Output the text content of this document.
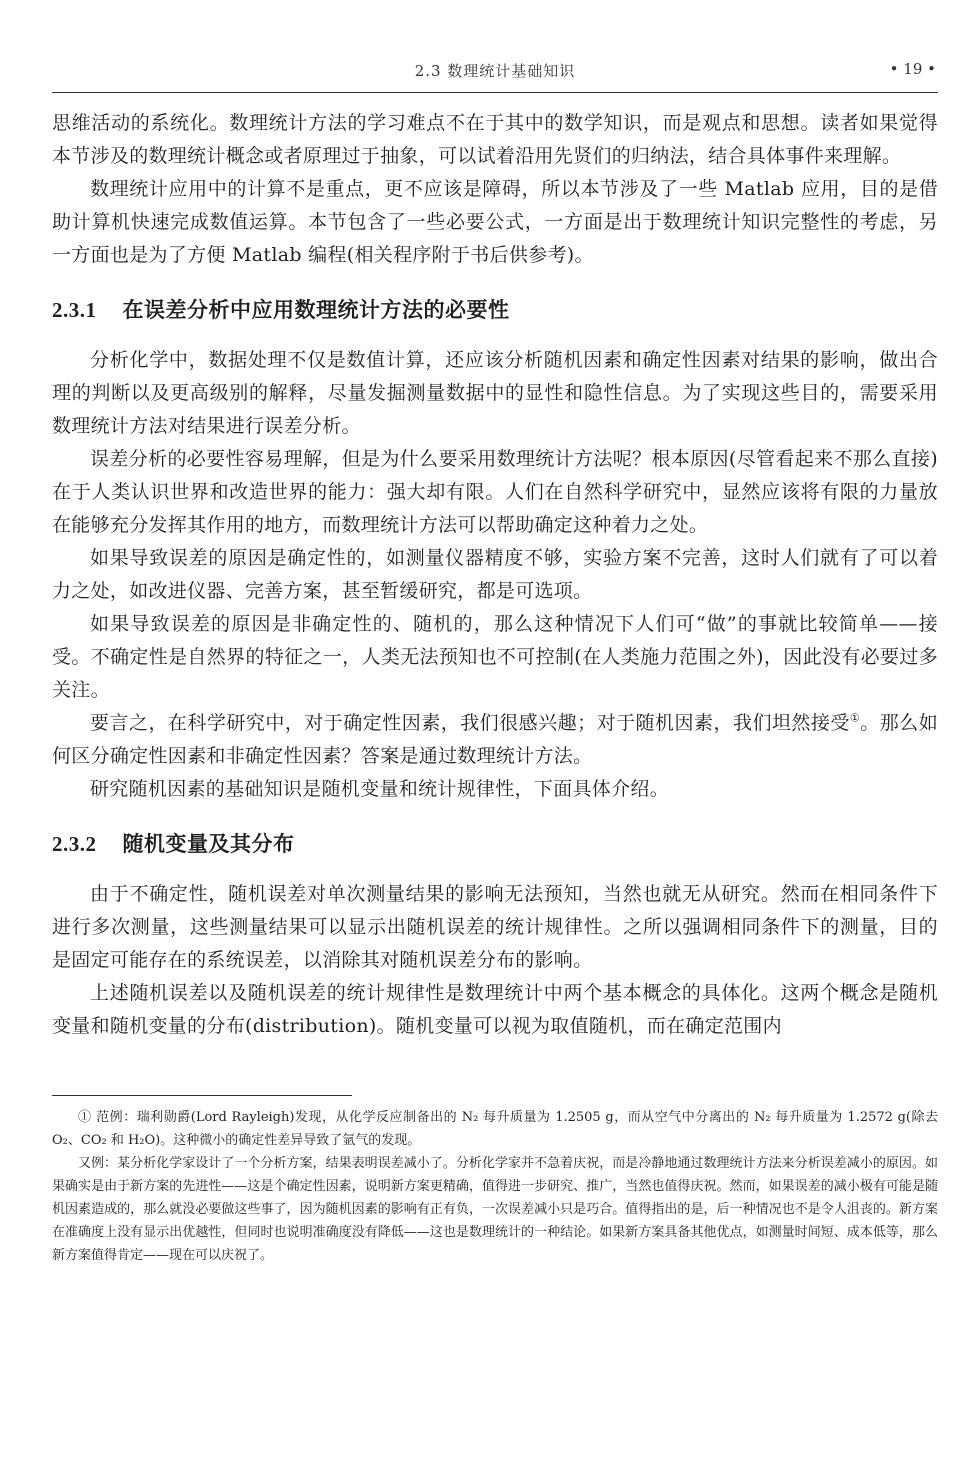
2.3 数理统计基础知识	• 19 •

思维活动的系统化。数理统计方法的学习难点不在于其中的数学知识，而是观点和思想。读者如果觉得本节涉及的数理统计概念或者原理过于抽象，可以试着沿用先贤们的归纳法，结合具体事件来理解。

数理统计应用中的计算不是重点，更不应该是障碍，所以本节涉及了一些 Matlab 应用，目的是借助计算机快速完成数值运算。本节包含了一些必要公式，一方面是出于数理统计知识完整性的考虑，另一方面也是为了方便 Matlab 编程(相关程序附于书后供参考)。

2.3.1 在误差分析中应用数理统计方法的必要性

分析化学中，数据处理不仅是数值计算，还应该分析随机因素和确定性因素对结果的影响，做出合理的判断以及更高级别的解释，尽量发掘测量数据中的显性和隐性信息。为了实现这些目的，需要采用数理统计方法对结果进行误差分析。

误差分析的必要性容易理解，但是为什么要采用数理统计方法呢？根本原因(尽管看起来不那么直接)在于人类认识世界和改造世界的能力：强大却有限。人们在自然科学研究中，显然应该将有限的力量放在能够充分发挥其作用的地方，而数理统计方法可以帮助确定这种着力之处。

如果导致误差的原因是确定性的，如测量仪器精度不够，实验方案不完善，这时人们就有了可以着力之处，如改进仪器、完善方案，甚至暂缓研究，都是可选项。

如果导致误差的原因是非确定性的、随机的，那么这种情况下人们可“做”的事就比较简单——接受。不确定性是自然界的特征之一，人类无法预知也不可控制(在人类施力范围之外)，因此没有必要过多关注。

要言之，在科学研究中，对于确定性因素，我们很感兴趣；对于随机因素，我们坦然接受①。那么如何区分确定性因素和非确定性因素？答案是通过数理统计方法。

研究随机因素的基础知识是随机变量和统计规律性，下面具体介绍。

2.3.2 随机变量及其分布

由于不确定性，随机误差对单次测量结果的影响无法预知，当然也就无从研究。然而在相同条件下进行多次测量，这些测量结果可以显示出随机误差的统计规律性。之所以强调相同条件下的测量，目的是固定可能存在的系统误差，以消除其对随机误差分布的影响。

上述随机误差以及随机误差的统计规律性是数理统计中两个基本概念的具体化。这两个概念是随机变量和随机变量的分布(distribution)。随机变量可以视为取值随机，而在确定范围内

① 范例：瑞利勋爵(Lord Rayleigh)发现，从化学反应制备出的 N₂ 每升质量为 1.2505 g，而从空气中分离出的 N₂ 每升质量为 1.2572 g(除去 O₂、CO₂ 和 H₂O)。这种微小的确定性差异导致了氩气的发现。

又例：某分析化学家设计了一个分析方案，结果表明误差减小了。分析化学家并不急着庆祝，而是冷静地通过数理统计方法来分析误差减小的原因。如果确实是由于新方案的先进性——这是个确定性因素，说明新方案更精确，值得进一步研究、推广，当然也值得庆祝。然而，如果误差的减小极有可能是随机因素造成的，那么就没必要做这些事了，因为随机因素的影响有正有负，一次误差减小只是巧合。值得指出的是，后一种情况也不是令人沮丧的。新方案在准确度上没有显示出优越性，但同时也说明准确度没有降低——这也是数理统计的一种结论。如果新方案具备其他优点，如测量时间短、成本低等，那么新方案值得肯定——现在可以庆祝了。
